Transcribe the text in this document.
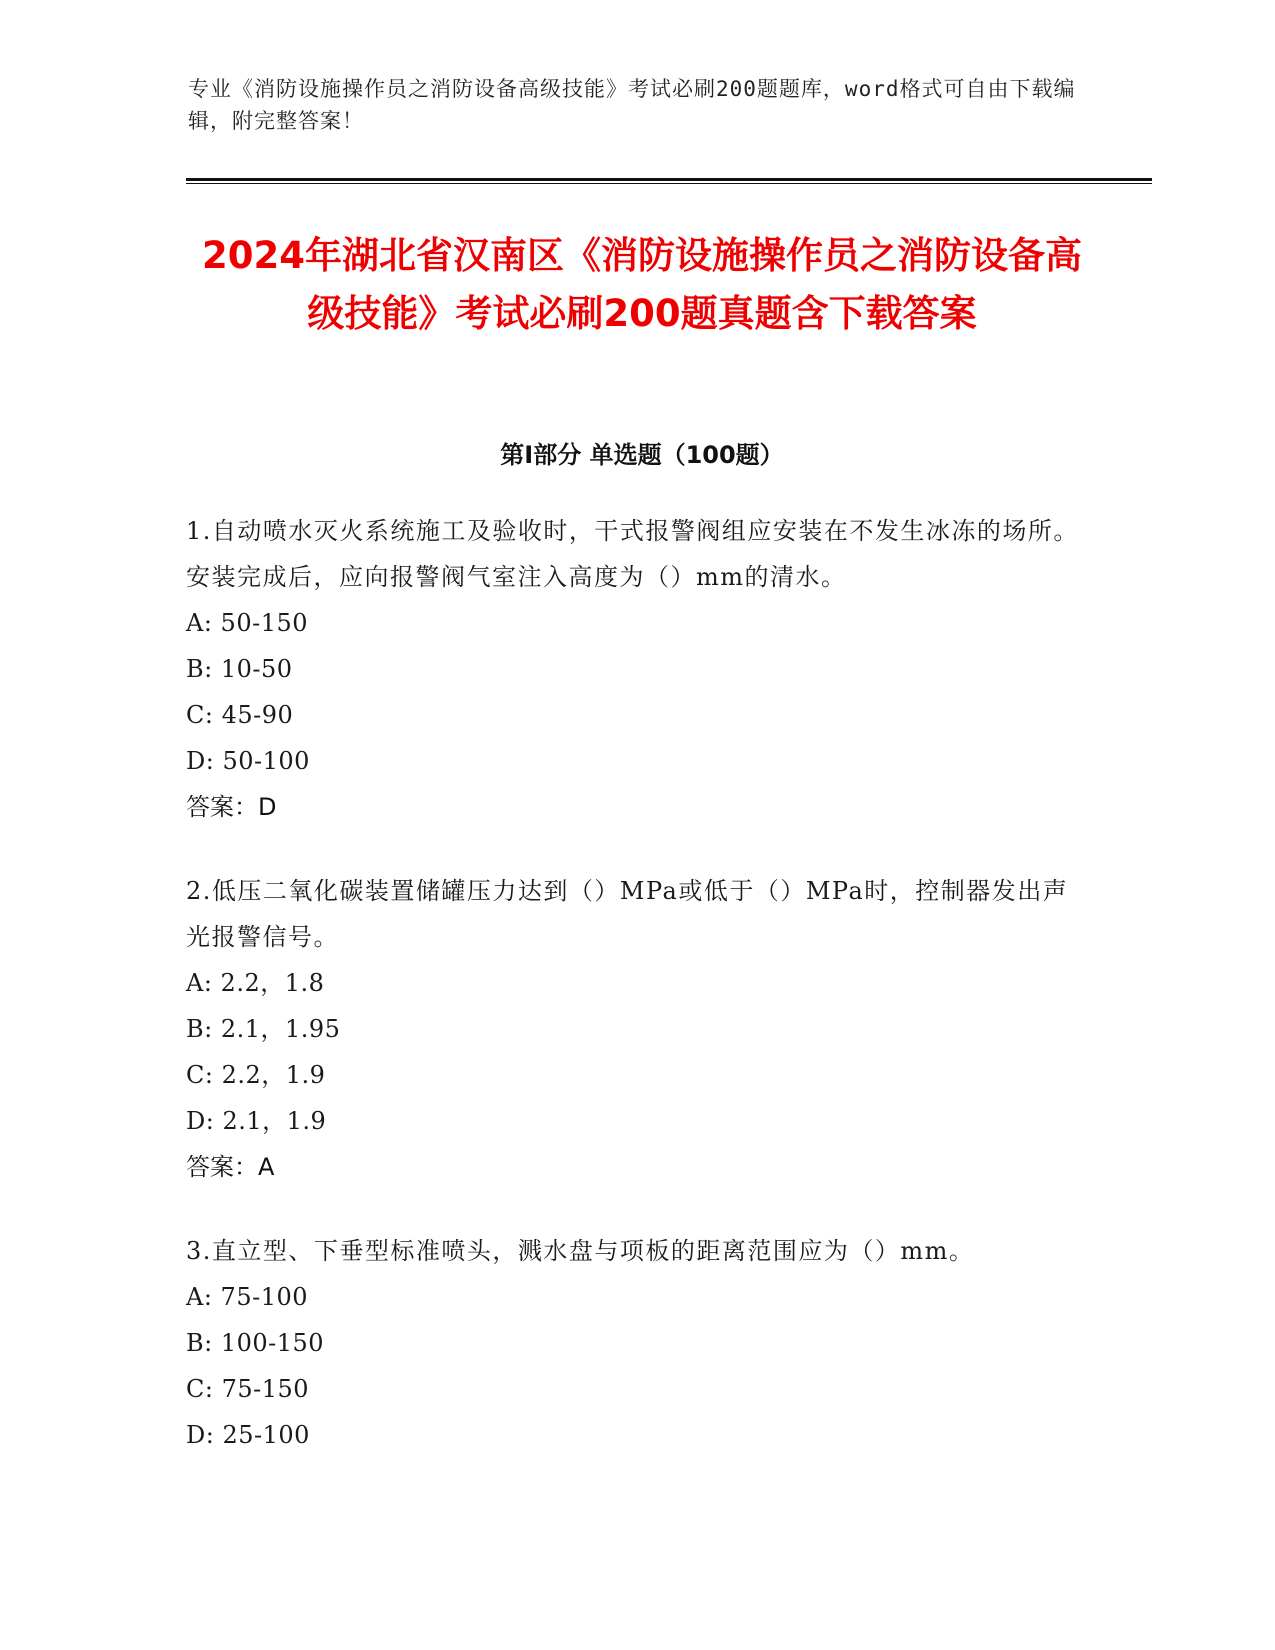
专业《消防设施操作员之消防设备高级技能》考试必刷200题题库，word格式可自由下载编辑，附完整答案！
2024年湖北省汉南区《消防设施操作员之消防设备高级技能》考试必刷200题真题含下载答案
第I部分 单选题（100题）

1.自动喷水灭火系统施工及验收时，干式报警阀组应安装在不发生冰冻的场所。安装完成后，应向报警阀气室注入高度为（）mm的清水。

A: 50-150

B: 10-50

C: 45-90

D: 50-100

答案：D

2.低压二氧化碳装置储罐压力达到（）MPa或低于（）MPa时，控制器发出声光报警信号。

A: 2.2，1.8

B: 2.1，1.95

C: 2.2，1.9

D: 2.1，1.9

答案：A

3.直立型、下垂型标准喷头，溅水盘与项板的距离范围应为（）mm。

A: 75-100

B: 100-150

C: 75-150

D: 25-100
